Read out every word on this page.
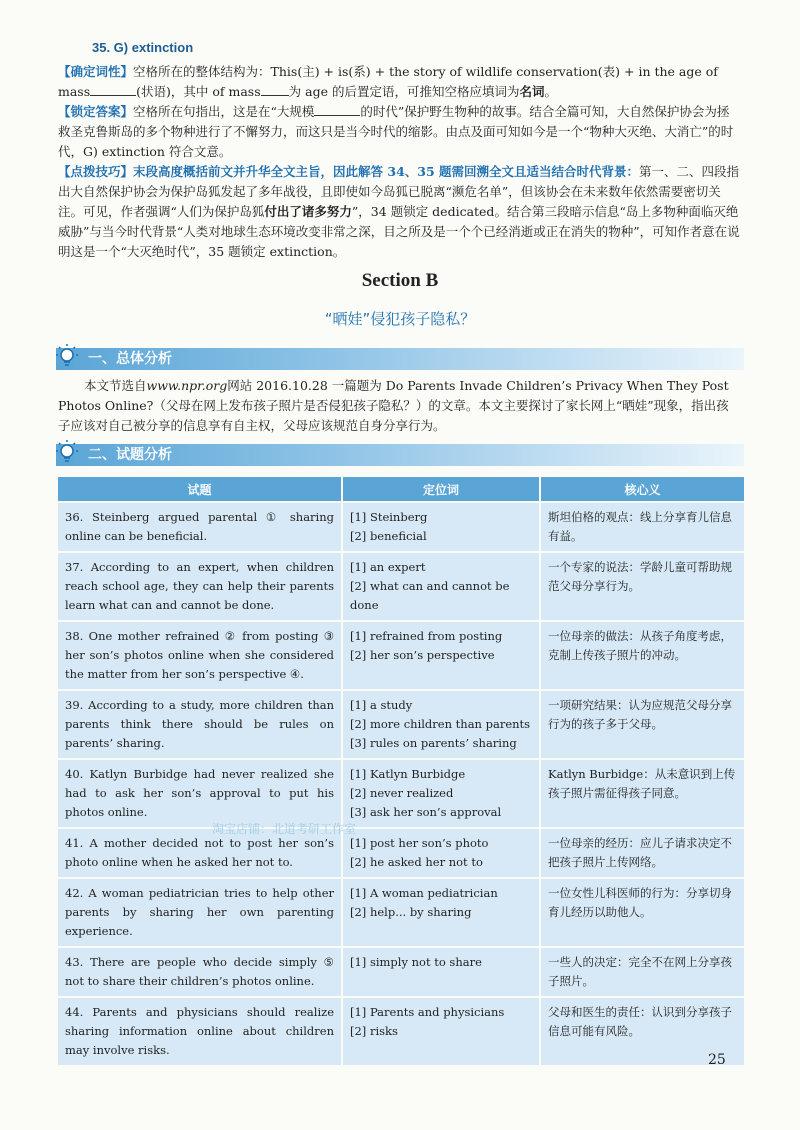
35. G) extinction
【确定词性】空格所在的整体结构为：This(主) + is(系) + the story of wildlife conservation(表) + in the age of mass	(状语)，其中 of mass 为 age 的后置定语，可推知空格应填词为名词。
【锁定答案】空格所在句指出，这是在“大规模	的时代”保护野生物种的故事。结合全篇可知，大自然保护协会为拯救圣克鲁斯岛的多个物种进行了不懈努力，而这只是当今时代的缩影。由点及面可知如今是一个“物种大灭绝、大消亡”的时代，G) extinction 符合文意。
【点拨技巧】末段高度概括前文并升华全文主旨，因此解答 34、35 题需回溯全文且适当结合时代背景：第一、二、四段指出大自然保护协会为保护岛狐发起了多年战役，且即使如今岛狐已脱离“濒危名单”，但该协会在未来数年依然需要密切关注。可见，作者强调“人们为保护岛狐付出了诸多努力”，34 题锁定 dedicated。结合第三段暗示信息“岛上多物种面临灭绝威胁”与当今时代背景“人类对地球生态环境改变非常之深，目之所及是一个个已经消逝或正在消失的物种”，可知作者意在说明这是一个“大灭绝时代”，35 题锁定 extinction。
Section B
“晒娃”侵犯孩子隐私？
一、总体分析
本文节选自www.npr.org网站 2016.10.28 一篇题为 Do Parents Invade Children’s Privacy When They Post Photos Online?（父母在网上发布孩子照片是否侵犯孩子隐私？）的文章。本文主要探讨了家长网上“晒娃”现象，指出孩子应该对自己被分享的信息享有自主权，父母应该规范自身分享行为。
二、试题分析
试题	定位词	核心义
36. Steinberg argued parental ① sharing online can be beneficial.	[1] Steinberg
[2] beneficial	斯坦伯格的观点：线上分享育儿信息有益。
37. According to an expert, when children reach school age, they can help their parents learn what can and cannot be done.	[1] an expert
[2] what can and cannot be done	一个专家的说法：学龄儿童可帮助规范父母分享行为。
38. One mother refrained ② from posting ③ her son’s photos online when she considered the matter from her son’s perspective ④.	[1] refrained from posting
[2] her son’s perspective	一位母亲的做法：从孩子角度考虑，克制上传孩子照片的冲动。
39. According to a study, more children than parents think there should be rules on parents’ sharing.	[1] a study
[2] more children than parents
[3] rules on parents’ sharing	一项研究结果：认为应规范父母分享行为的孩子多于父母。
40. Katlyn Burbidge had never realized she had to ask her son’s approval to put his photos online.	[1] Katlyn Burbidge
[2] never realized
[3] ask her son’s approval	Katlyn Burbidge：从未意识到上传孩子照片需征得孩子同意。
41. A mother decided not to post her son’s photo online when he asked her not to.	[1] post her son’s photo
[2] he asked her not to	一位母亲的经历：应儿子请求决定不把孩子照片上传网络。
42. A woman pediatrician tries to help other parents by sharing her own parenting experience.	[1] A woman pediatrician
[2] help... by sharing	一位女性儿科医师的行为：分享切身育儿经历以助他人。
43. There are people who decide simply ⑤ not to share their children’s photos online.	[1] simply not to share	一些人的决定：完全不在网上分享孩子照片。
44. Parents and physicians should realize sharing information online about children may involve risks.	[1] Parents and physicians
[2] risks	父母和医生的责任：认识到分享孩子信息可能有风险。
淘宝店铺：北道考研工作室
25
